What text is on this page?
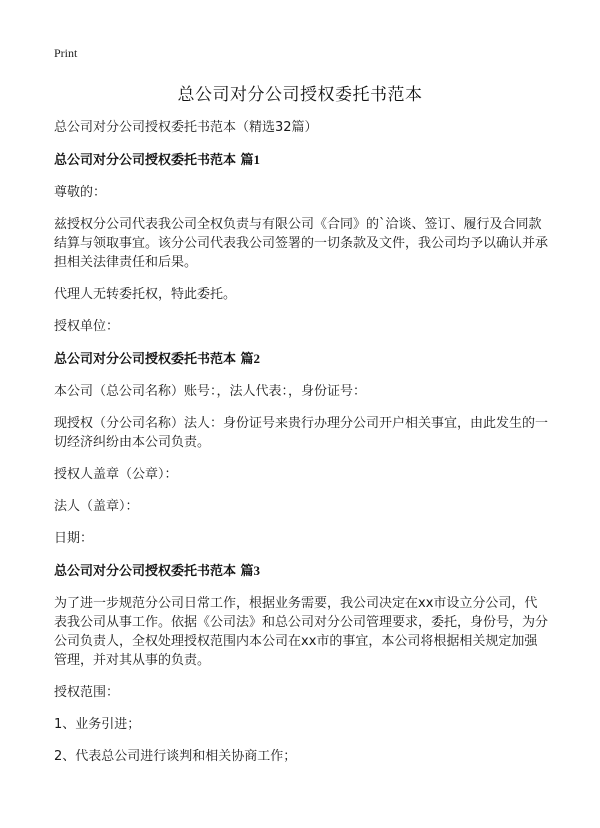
Print
总公司对分公司授权委托书范本

总公司对分公司授权委托书范本（精选32篇）

总公司对分公司授权委托书范本 篇1

尊敬的：

兹授权分公司代表我公司全权负责与有限公司《合同》的`洽谈、签订、履行及合同款结算与领取事宜。该分公司代表我公司签署的一切条款及文件，我公司均予以确认并承担相关法律责任和后果。

代理人无转委托权，特此委托。

授权单位：

总公司对分公司授权委托书范本 篇2

本公司（总公司名称）账号：，法人代表：，身份证号：

现授权（分公司名称）法人：身份证号来贵行办理分公司开户相关事宜，由此发生的一切经济纠纷由本公司负责。

授权人盖章（公章）：

法人（盖章）：

日期：

总公司对分公司授权委托书范本 篇3

为了进一步规范分公司日常工作，根据业务需要，我公司决定在xx市设立分公司，代表我公司从事工作。依据《公司法》和总公司对分公司管理要求，委托，身份号，为分公司负责人，全权处理授权范围内本公司在xx市的事宜，本公司将根据相关规定加强管理，并对其从事的负责。

授权范围：

1、业务引进；

2、代表总公司进行谈判和相关协商工作；
